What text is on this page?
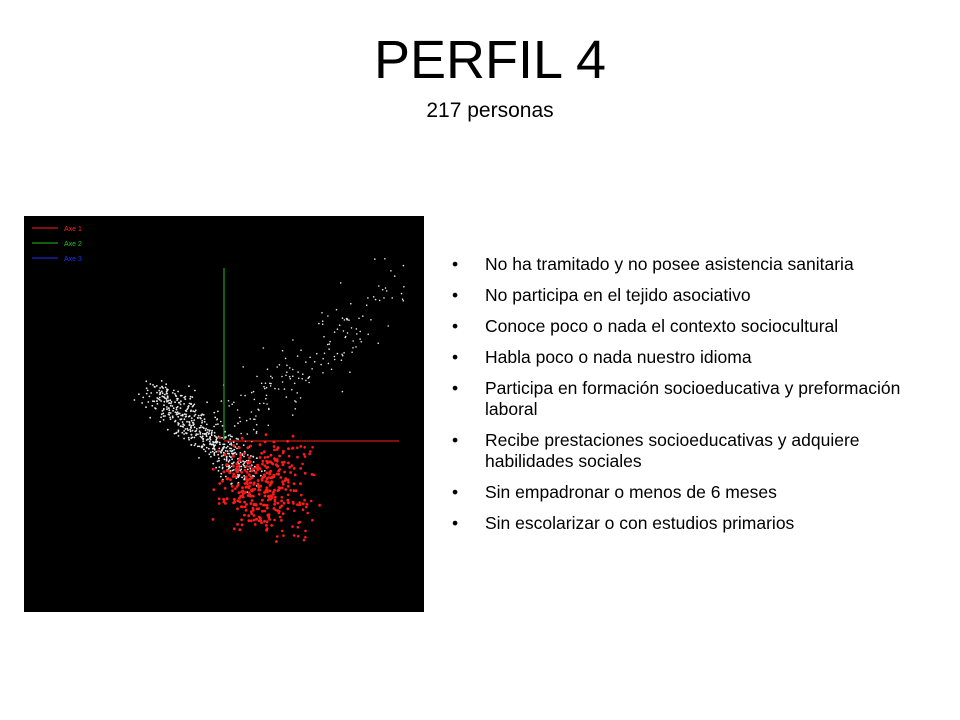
PERFIL 4
217 personas
Axe 1
Axe 2
Axe 3	• No ha tramitado y no posee asistencia sanitaria
• No participa en el tejido asociativo
• Conoce poco o nada el contexto sociocultural
• Habla poco o nada nuestro idioma
• Participa en formación socioeducativa y preformación laboral
• Recibe prestaciones socioeducativas y adquiere habilidades sociales
• Sin empadronar o menos de 6 meses
• Sin escolarizar o con estudios primarios
